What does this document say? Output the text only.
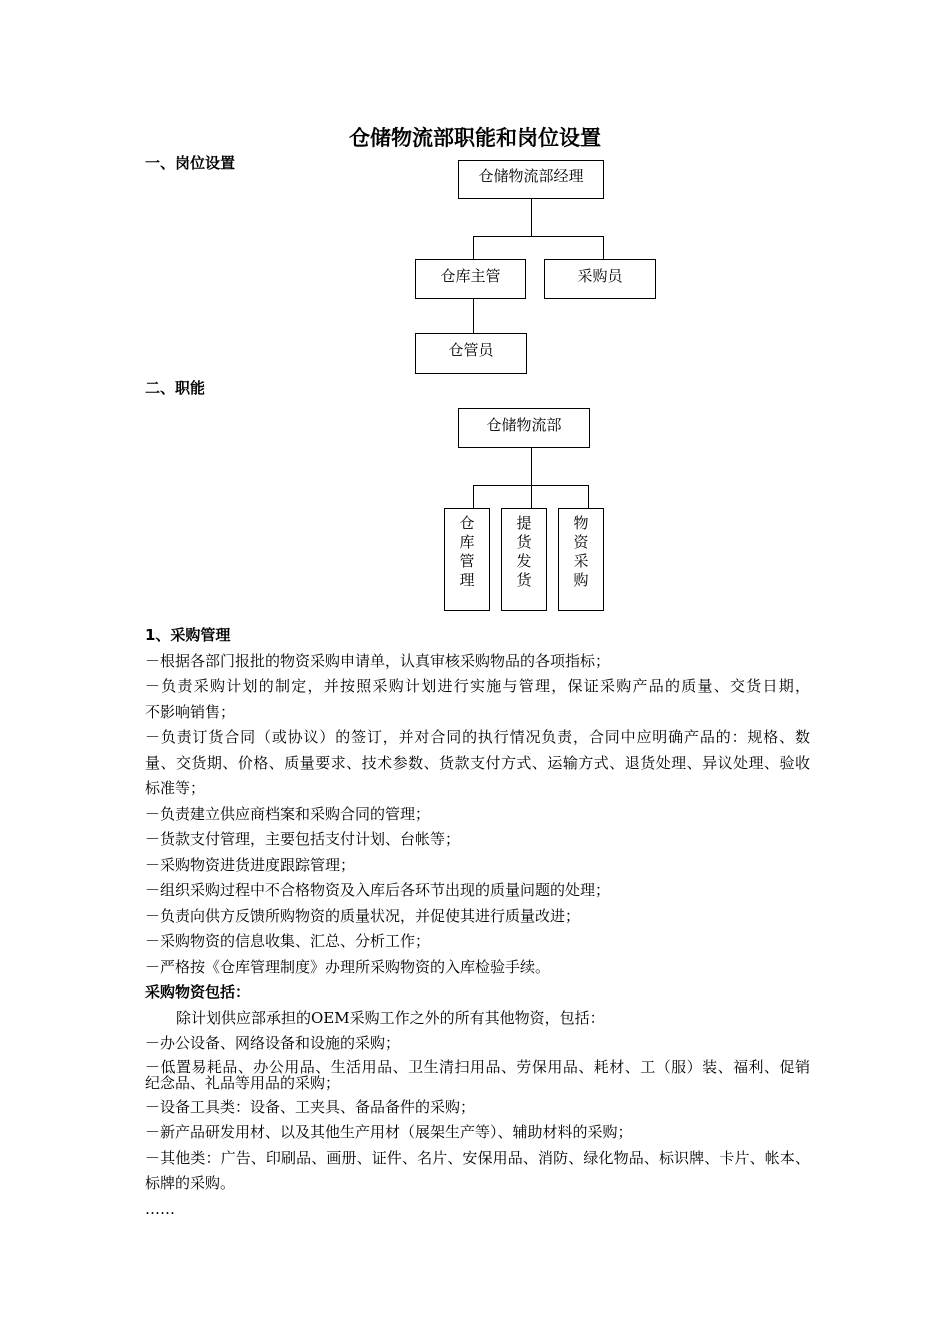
仓储物流部职能和岗位设置
一、岗位设置
仓储物流部经理
仓库主管	采购员
仓管员
二、职能
仓储物流部
仓
库
管
理
提
货
发
货
物
资
采
购
1、采购管理
－根据各部门报批的物资采购申请单，认真审核采购物品的各项指标；
－负责采购计划的制定，并按照采购计划进行实施与管理，保证采购产品的质量、交货日期，
不影响销售；
－负责订货合同（或协议）的签订，并对合同的执行情况负责，合同中应明确产品的：规格、数
量、交货期、价格、质量要求、技术参数、货款支付方式、运输方式、退货处理、异议处理、验收
标准等；
－负责建立供应商档案和采购合同的管理；
－货款支付管理，主要包括支付计划、台帐等；
－采购物资进货进度跟踪管理；
－组织采购过程中不合格物资及入库后各环节出现的质量问题的处理；
－负责向供方反馈所购物资的质量状况，并促使其进行质量改进；
－采购物资的信息收集、汇总、分析工作；
－严格按《仓库管理制度》办理所采购物资的入库检验手续。
采购物资包括：
除计划供应部承担的OEM采购工作之外的所有其他物资，包括：
－办公设备、网络设备和设施的采购；
－低置易耗品、办公用品、生活用品、卫生清扫用品、劳保用品、耗材、工（服）装、福利、促销
纪念品、礼品等用品的采购；
－设备工具类：设备、工夹具、备品备件的采购；
－新产品研发用材、以及其他生产用材（展架生产等）、辅助材料的采购；
－其他类：广告、印刷品、画册、证件、名片、安保用品、消防、绿化物品、标识牌、卡片、帐本、
标牌的采购。
……
